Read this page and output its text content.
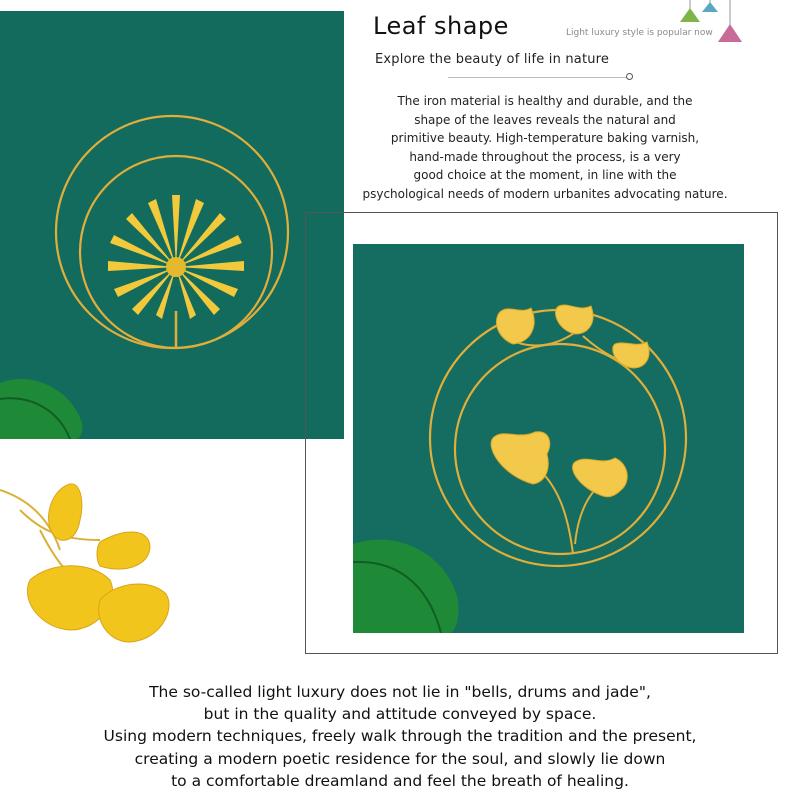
Leaf shape	Light luxury style is popular now
Explore the beauty of life in nature

The iron material is healthy and durable, and the
shape of the leaves reveals the natural and
primitive beauty. High-temperature baking varnish,
hand-made throughout the process, is a very
good choice at the moment, in line with the
psychological needs of modern urbanites advocating nature.

The so-called light luxury does not lie in "bells, drums and jade",
but in the quality and attitude conveyed by space.
Using modern techniques, freely walk through the tradition and the present,
creating a modern poetic residence for the soul, and slowly lie down
to a comfortable dreamland and feel the breath of healing.
